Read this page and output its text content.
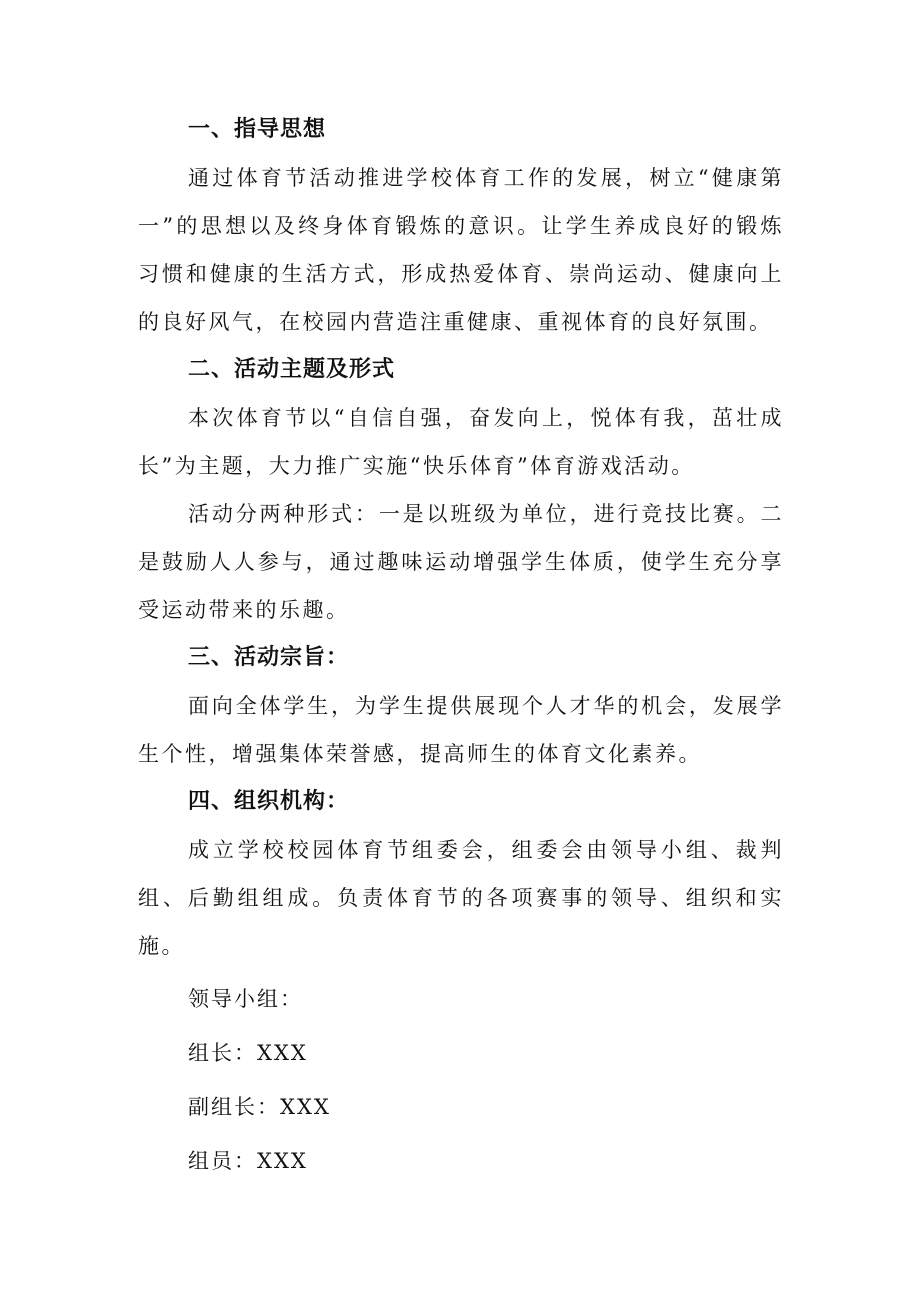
一、指导思想

通过体育节活动推进学校体育工作的发展，树立“健康第一”的思想以及终身体育锻炼的意识。让学生养成良好的锻炼习惯和健康的生活方式，形成热爱体育、崇尚运动、健康向上的良好风气，在校园内营造注重健康、重视体育的良好氛围。

二、活动主题及形式

本次体育节以“自信自强，奋发向上，悦体有我，茁壮成长”为主题，大力推广实施“快乐体育”体育游戏活动。

活动分两种形式：一是以班级为单位，进行竞技比赛。二是鼓励人人参与，通过趣味运动增强学生体质，使学生充分享受运动带来的乐趣。

三、活动宗旨：

面向全体学生，为学生提供展现个人才华的机会，发展学生个性，增强集体荣誉感，提高师生的体育文化素养。

四、组织机构：

成立学校校园体育节组委会，组委会由领导小组、裁判组、后勤组组成。负责体育节的各项赛事的领导、组织和实施。

领导小组：

组长：XXX

副组长：XXX

组员：XXX
